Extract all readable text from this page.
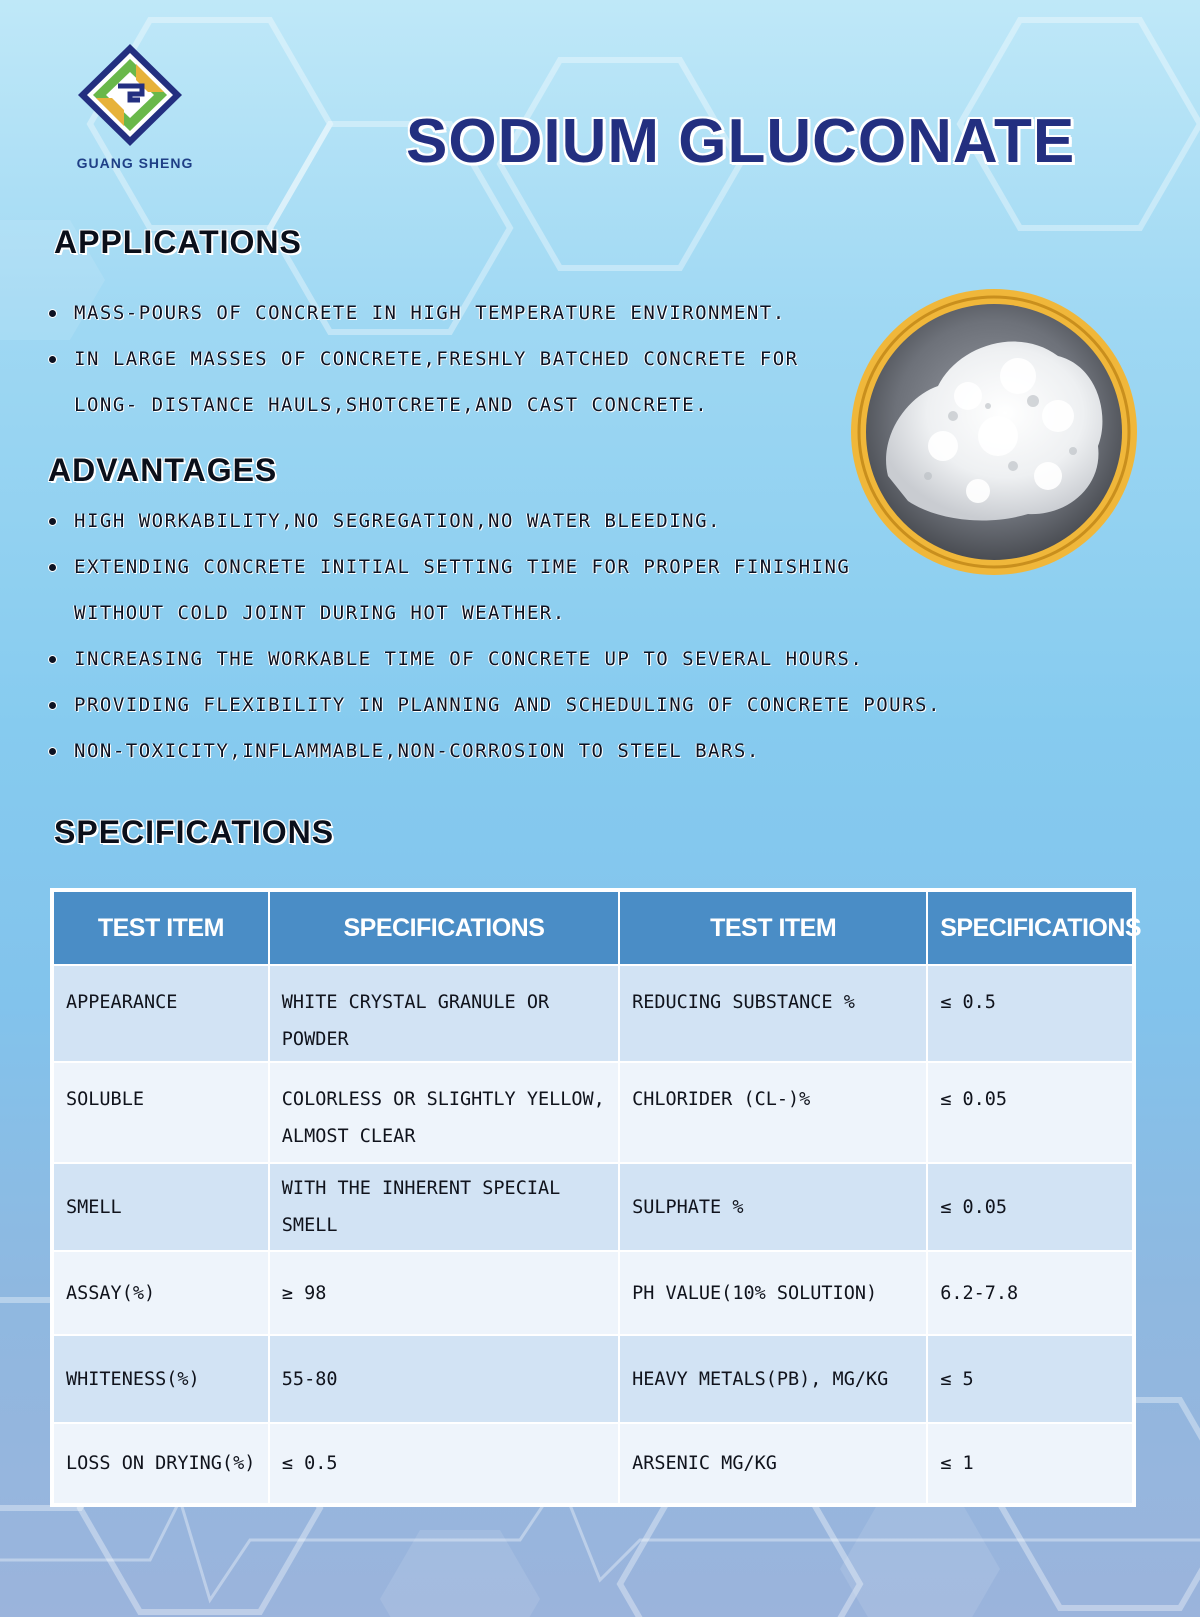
GUANG SHENG	SODIUM GLUCONATE
APPLICATIONS
MASS-POURS OF CONCRETE IN HIGH TEMPERATURE ENVIRONMENT.
IN LARGE MASSES OF CONCRETE,FRESHLY BATCHED CONCRETE FOR
LONG- DISTANCE HAULS,SHOTCRETE,AND CAST CONCRETE.
ADVANTAGES
HIGH WORKABILITY,NO SEGREGATION,NO WATER BLEEDING.
EXTENDING CONCRETE INITIAL SETTING TIME FOR PROPER FINISHING
WITHOUT COLD JOINT DURING HOT WEATHER.
INCREASING THE WORKABLE TIME OF CONCRETE UP TO SEVERAL HOURS.
PROVIDING FLEXIBILITY IN PLANNING AND SCHEDULING OF CONCRETE POURS.
NON-TOXICITY,INFLAMMABLE,NON-CORROSION TO STEEL BARS.
SPECIFICATIONS
TEST ITEM	SPECIFICATIONS	TEST ITEM	SPECIFICATIONS
APPEARANCE	WHITE CRYSTAL GRANULE OR POWDER	REDUCING SUBSTANCE %	≤ 0.5
SOLUBLE	COLORLESS OR SLIGHTLY YELLOW, ALMOST CLEAR	CHLORIDER (CL-)%	≤ 0.05
SMELL	WITH THE INHERENT SPECIAL SMELL	SULPHATE %	≤ 0.05
ASSAY(%)	≥ 98	PH VALUE(10% SOLUTION)	6.2-7.8
WHITENESS(%)	55-80	HEAVY METALS(PB), MG/KG	≤ 5
LOSS ON DRYING(%)	≤ 0.5	ARSENIC MG/KG	≤ 1
